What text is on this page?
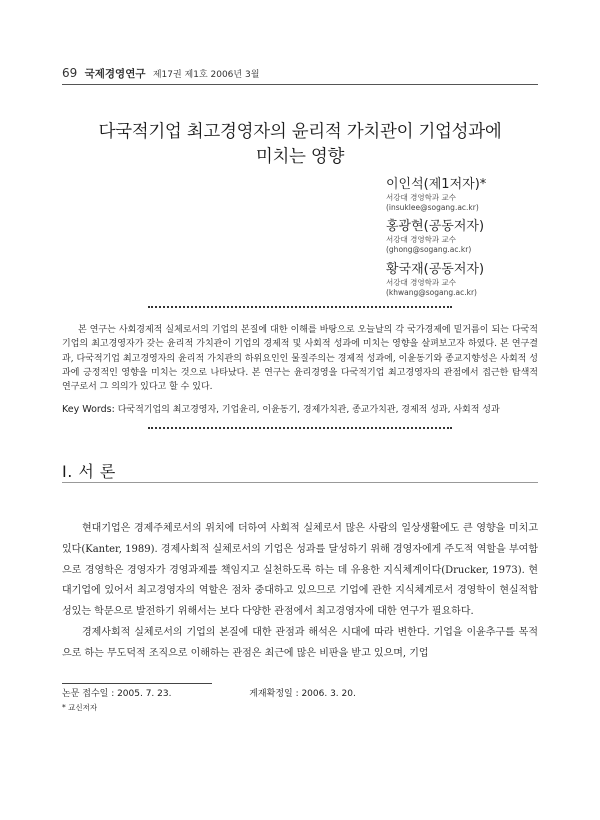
69 국제경영연구 제17권 제1호 2006년 3월
다국적기업 최고경영자의 윤리적 가치관이 기업성과에
미치는 영향
이인석(제1저자)*
서강대 경영학과 교수
(insuklee@sogang.ac.kr)
홍광현(공동저자)
서강대 경영학과 교수
(ghong@sogang.ac.kr)
황국재(공동저자)
서강대 경영학과 교수
(khwang@sogang.ac.kr)

본 연구는 사회경제적 실체로서의 기업의 본질에 대한 이해를 바탕으로 오늘날의 각 국가경제에 밑거름이 되는 다국적기업의 최고경영자가 갖는 윤리적 가치관이 기업의 경제적 및 사회적 성과에 미치는 영향을 살펴보고자 하였다. 본 연구결과, 다국적기업 최고경영자의 윤리적 가치관의 하위요인인 물질주의는 경제적 성과에, 이윤동기와 종교지향성은 사회적 성과에 긍정적인 영향을 미치는 것으로 나타났다. 본 연구는 윤리경영을 다국적기업 최고경영자의 관점에서 접근한 탐색적 연구로서 그 의의가 있다고 할 수 있다.

Key Words: 다국적기업의 최고경영자, 기업윤리, 이윤동기, 경제가치관, 종교가치관, 경제적 성과, 사회적 성과
Ⅰ. 서 론

현대기업은 경제주체로서의 위치에 더하여 사회적 실체로서 많은 사람의 일상생활에도 큰 영향을 미치고 있다(Kanter, 1989). 경제사회적 실체로서의 기업은 성과를 달성하기 위해 경영자에게 주도적 역할을 부여함으로 경영학은 경영자가 경영과제를 책임지고 실천하도록 하는 데 유용한 지식체계이다(Drucker, 1973). 현대기업에 있어서 최고경영자의 역할은 점차 중대하고 있으므로 기업에 관한 지식체계로서 경영학이 현실적합성있는 학문으로 발전하기 위해서는 보다 다양한 관점에서 최고경영자에 대한 연구가 필요하다.

경제사회적 실체로서의 기업의 본질에 대한 관점과 해석은 시대에 따라 변한다. 기업을 이윤추구를 목적으로 하는 무도덕적 조직으로 이해하는 관점은 최근에 많은 비판을 받고 있으며, 기업

논문 접수일 : 2005. 7. 23.	게재확정일 : 2006. 3. 20.
* 교신저자
